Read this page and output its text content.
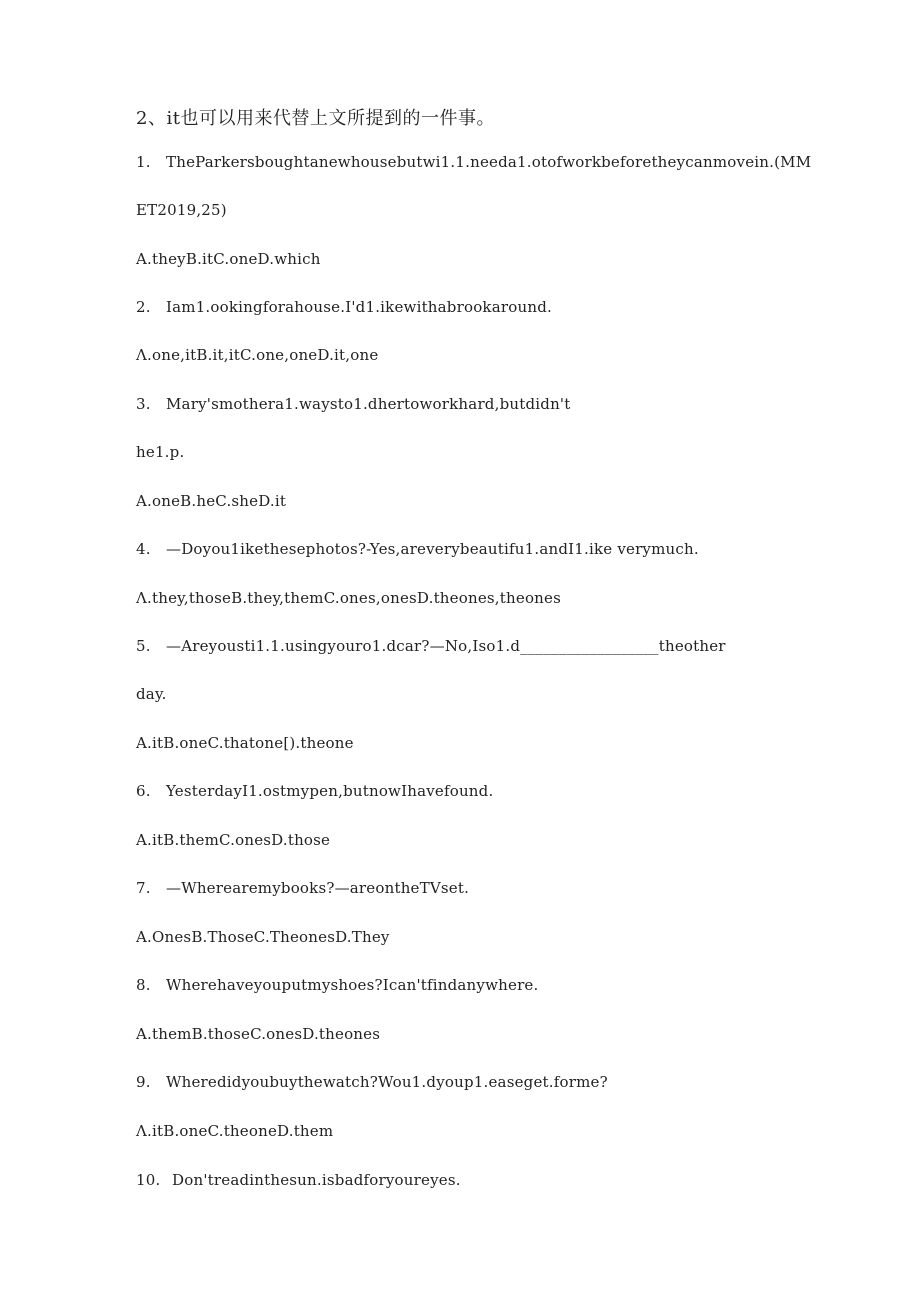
2、it也可以用来代替上文所提到的一件事。
1. TheParkersboughtanewhousebutwi1.1.needa1.otofworkbeforetheycanmovein.(MM
ET2019,25)
A.theyB.itC.oneD.which
2. Iam1.ookingforahouse.I'd1.ikewithabrookaround.
Λ.one,itB.it,itC.one,oneD.it,one
3. Mary'smothera1.waysto1.dhertoworkhard,butdidn't
he1.p.
A.oneB.heC.sheD.it
4. —Doyou1ikethesephotos?-Yes,areverybeautifu1.andI1.ike verymuch.
Λ.they,thoseB.they,themC.ones,onesD.theones,theones
5. —Areyousti1.1.usingyouro1.dcar?—No,Iso1.d__________________theother
day.
A.itB.oneC.thatone[).theone
6. YesterdayI1.ostmypen,butnowIhavefound.
A.itB.themC.onesD.those
7. —Wherearemybooks?—areontheTVset.
A.OnesB.ThoseC.TheonesD.They
8. Wherehaveyouputmyshoes?Ican'tfindanywhere.
A.themB.thoseC.onesD.theones
9. Wheredidyoubuythewatch?Wou1.dyoup1.easeget.forme?
Λ.itB.oneC.theoneD.them
10. Don'treadinthesun.isbadforyoureyes.
